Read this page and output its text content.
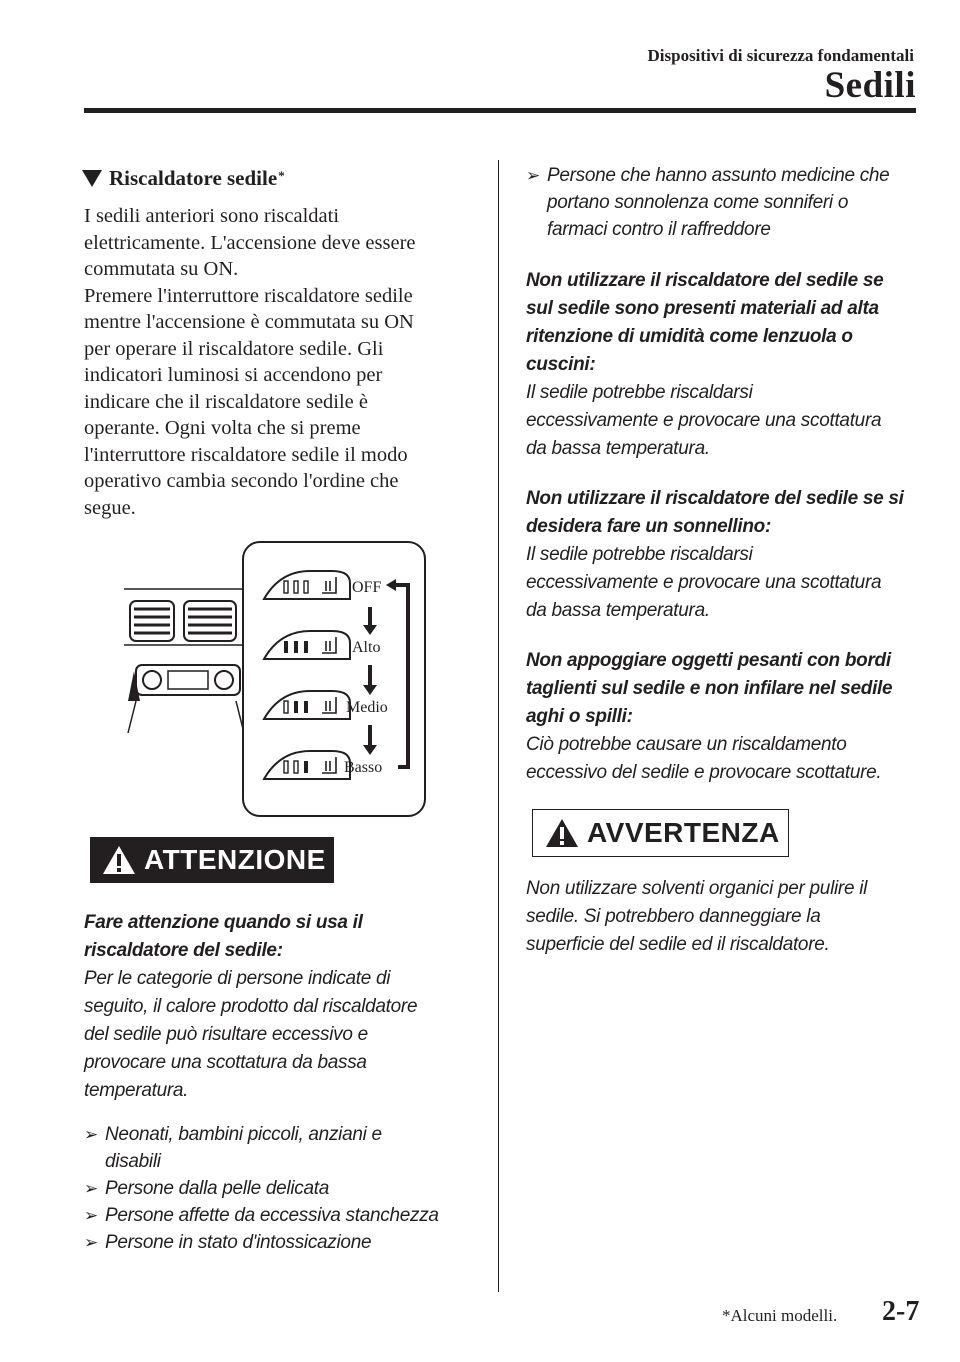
Dispositivi di sicurezza fondamentali
Sedili
Riscaldatore sedile*

I sedili anteriori sono riscaldati
elettricamente. L'accensione deve essere
commutata su ON.

Premere l'interruttore riscaldatore sedile
mentre l'accensione è commutata su ON
per operare il riscaldatore sedile. Gli
indicatori luminosi si accendono per
indicare che il riscaldatore sedile è
operante. Ogni volta che si preme
l'interruttore riscaldatore sedile il modo
operativo cambia secondo l'ordine che
segue.

OFF
Alto
Medio
Basso
ATTENZIONE

Fare attenzione quando si usa il
riscaldatore del sedile:

Per le categorie di persone indicate di
seguito, il calore prodotto dal riscaldatore
del sedile può risultare eccessivo e
provocare una scottatura da bassa
temperatura.

➢ Neonati, bambini piccoli, anziani e
disabili
➢ Persone dalla pelle delicata
➢ Persone affette da eccessiva stanchezza
➢ Persone in stato d'intossicazione
➢ Persone che hanno assunto medicine che
portano sonnolenza come sonniferi o
farmaci contro il raffreddore

Non utilizzare il riscaldatore del sedile se
sul sedile sono presenti materiali ad alta
ritenzione di umidità come lenzuola o
cuscini:

Il sedile potrebbe riscaldarsi
eccessivamente e provocare una scottatura
da bassa temperatura.

Non utilizzare il riscaldatore del sedile se si
desidera fare un sonnellino:

Il sedile potrebbe riscaldarsi
eccessivamente e provocare una scottatura
da bassa temperatura.

Non appoggiare oggetti pesanti con bordi
taglienti sul sedile e non infilare nel sedile
aghi o spilli:

Ciò potrebbe causare un riscaldamento
eccessivo del sedile e provocare scottature.

AVVERTENZA

Non utilizzare solventi organici per pulire il
sedile. Si potrebbero danneggiare la
superficie del sedile ed il riscaldatore.

*Alcuni modelli. 2-7
